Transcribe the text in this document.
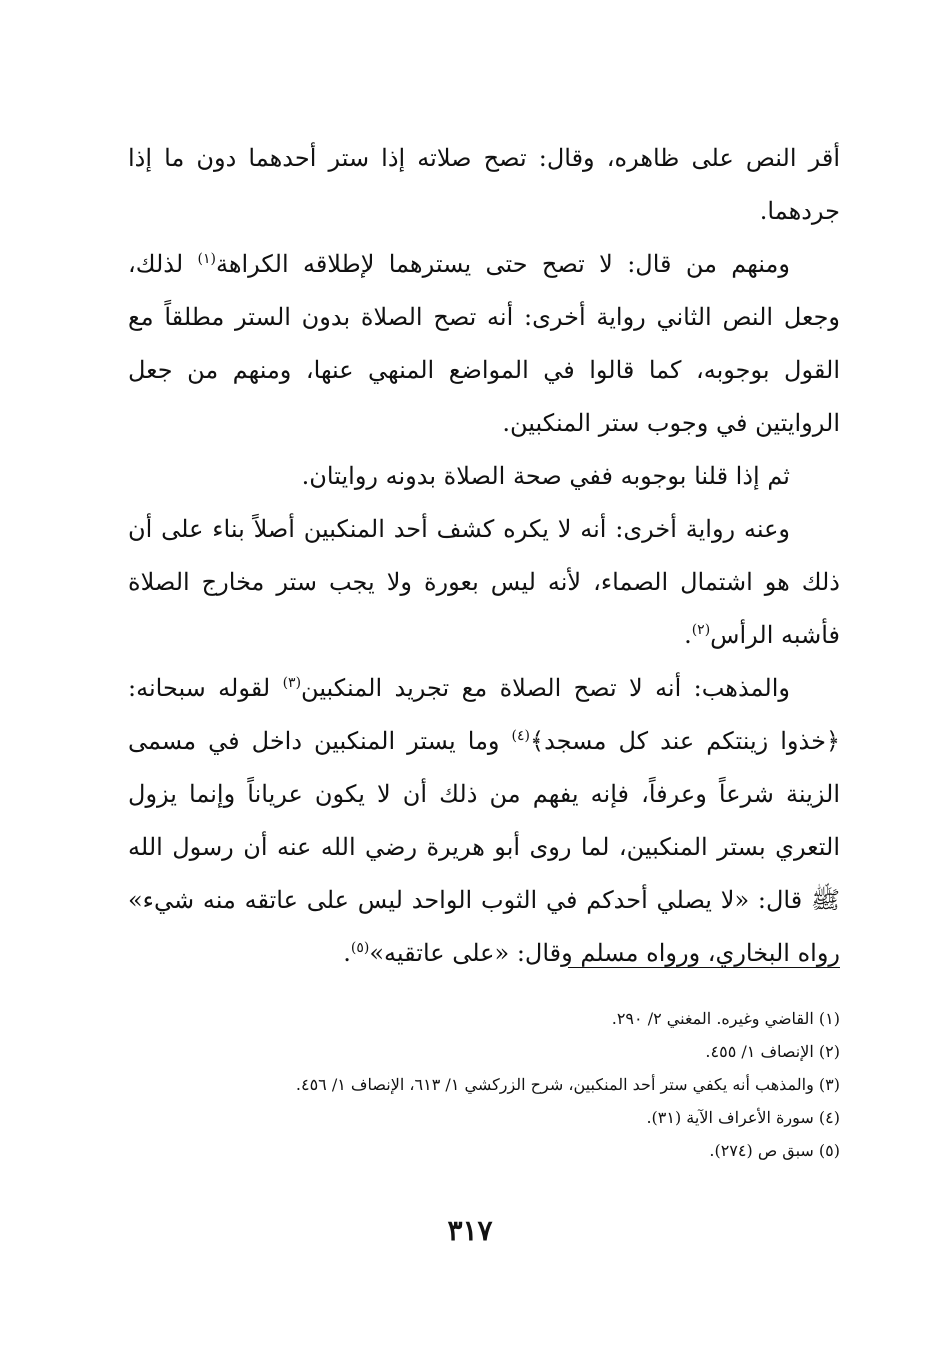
أقر النص على ظاهره، وقال: تصح صلاته إذا ستر أحدهما دون ما إذا جردهما.

ومنهم من قال: لا تصح حتى يسترهما لإطلاقه الكراهة$^{(١)}$ لذلك، وجعل النص الثاني رواية أخرى: أنه تصح الصلاة بدون الستر مطلقاً مع القول بوجوبه، كما قالوا في المواضع المنهي عنها، ومنهم من جعل الروايتين في وجوب ستر المنكبين.

ثم إذا قلنا بوجوبه ففي صحة الصلاة بدونه روايتان.

وعنه رواية أخرى: أنه لا يكره كشف أحد المنكبين أصلاً بناء على أن ذلك هو اشتمال الصماء، لأنه ليس بعورة ولا يجب ستر مخارج الصلاة فأشبه الرأس$^{(٢)}$.

والمذهب: أنه لا تصح الصلاة مع تجريد المنكبين$^{(٣)}$ لقوله سبحانه: ﴿خذوا زينتكم عند كل مسجد﴾$^{(٤)}$ وما يستر المنكبين داخل في مسمى الزينة شرعاً وعرفاً، فإنه يفهم من ذلك أن لا يكون عرياناً وإنما يزول التعري بستر المنكبين، لما روى أبو هريرة رضي الله عنه أن رسول الله ﷺ قال: «لا يصلي أحدكم في الثوب الواحد ليس على عاتقه منه شيء» رواه البخاري، ورواه مسلم وقال: «على عاتقيه»$^{(٥)}$.

(١) القاضي وغيره. المغني ٢/ ٢٩٠.
(٢) الإنصاف ١/ ٤٥٥.
(٣) والمذهب أنه يكفي ستر أحد المنكبين، شرح الزركشي ١/ ٦١٣، الإنصاف ١/ ٤٥٦.
(٤) سورة الأعراف الآية (٣١).
(٥) سبق ص (٢٧٤).
٣١٧
